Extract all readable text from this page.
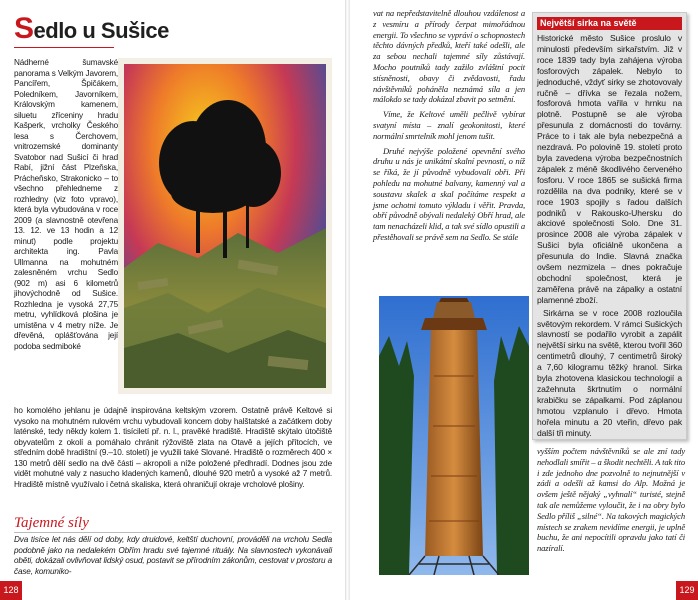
Sedlo u Sušice
Nádherné šumavské panorama s Velkým Javorem, Pancířem, Špičákem, Poledníkem, Javorníkem, Královským kamenem, siluetu zříceniny hradu Kašperk, vrcholky Českého lesa s Čerchovem, vnitrozemské dominanty Svatobor nad Sušicí či hrad Rabí, jižní část Plzeňska, Prácheňsko, Strakonicko – to všechno přehledneme z rozhledny (viz foto vpravo), která byla vybudována v roce 2009 (a slavnostně otevřena 13. 12. ve 13 hodin a 12 minut) podle projektu architekta ing. Pavla Ullmanna na mohutném zalesněném vrchu Sedlo (902 m) asi 6 kilometrů jihovýchodně od Sušice. Rozhledna je vysoká 27,75 metru, vyhlídková plošina je umístěna v 4 metry níže. Je dřevěná, oplášťována její podoba sedmiboké
ho komolého jehlanu je údajně inspirována keltským vzorem. Ostatně právě Keltové si vysoko na mohutném rulovém vrchu vybudovali koncem doby halštatské a začátkem doby laténské, tedy někdy kolem 1. tisíciletí př. n. l., pravěké hradiště. Hradiště skýtalo útočiště obyvatelům z okolí a pomáhalo chránit rýžoviště zlata na Otavě a jejích přítocích, ve středním době hradištní (9.–10. století) je využili také Slované. Hradiště o rozměrech 400 × 130 metrů dělí sedlo na dvě části – akropoli a níže položené předhradí. Dodnes jsou zde vidět mohutné valy z nasucho kladených kamenů, dlouhé 920 metrů a vysoké až 7 metrů. Hradiště místně využívalo i četná skaliska, která ohraničují okraje vrcholové plošiny.
Tajemné síly
Dva tisíce let nás dělí od doby, kdy druidové, keltští duchovní, prováděli na vrcholu Sedla podobně jako na nedalekém Obřím hradu své tajemné rituály. Na slavnostech vykonávali oběti, dokázali ovlivňovat lidský osud, postavit se přírodním zákonům, cestovat v prostoru a čase, komuniko-
128
vat na nepředstavitelně dlouhou vzdálenost a z vesmíru a přírody čerpat mimořádnou energii. To všechno se vypráví o schopnostech těchto dávných předků, kteří také odešli, ale za sebou nechali tajemné síly zůstávají. Mocho poutníků tady zažilo zvláštní pocit stísněnosti, obavy či zvědavosti, řadu návštěvníků poháněla neznámá síla a jen málokdo se tady dokázal zbavit po setmění.
Víme, že Keltové uměli pečlivě vybírat svatyní místa – znalí geokonitosti, které normální smrtelník mohl jenom tušit.
Druhé nejvýše položené opevnění svého druhu u nás je unikátní skalní pevností, o níž se říká, že jí původně vybudovali obři. Při pohledu na mohutné balvany, kamenný val a soustavu skalek a skal počítáme respekt a jsme ochotni tomuto výkladu i věřit. Pravda, obří původně obývali nedaleký Obří hrad, ale tam nenacházeli klid, a tak své sídlo opustili a přestěhovali se právě sem na Sedlo. Se stále
Největší sirka na světě
Historické město Sušice proslulo v minulosti především sirkařstvím. Již v roce 1839 tady byla zahájena výroba fosforových zápalek. Nebylo to jednoduché, vždyť sirky se zhotovovaly ručně – dřívka se řezala nožem, fosforová hmota vařila v hrnku na plotně. Postupně se ale výroba přesunula z domácnosti do továrny. Práce to i tak ale byla nebezpečná a nezdravá. Po polovině 19. století proto byla zavedena výroba bezpečnostních zápalek z méně škodlivého červeného fosforu. V roce 1865 se sušická firma rozdělila na dva podniky, které se v roce 1903 spojily s řadou dalších podniků v Rakousko-Uhersku do akciové společnosti Solo. Dne 31. prosince 2008 ale výroba zápalek v Sušici byla oficiálně ukončena a přesunula do Indie. Slavná značka ovšem nezmizela – dnes pokračuje obchodní společnost, která je zaměřena právě na zápalky a ostatní plamenné zboží.
Sirkárna se v roce 2008 rozloučila světovým rekordem. V rámci Sušických slavností se podařilo vyrobit a zapálit největší sirku na světě, kterou tvořil 360 centimetrů dlouhý, 7 centimetrů široký a 7,60 kilogramu těžký hranol. Sirka byla zhotovena klasickou technologií a zažehnuta škrtnutím o normální krabičku se zápalkami. Pod záplanou hmotou vzplanulo i dřevo. Hmota hořela minutu a 20 vteřin, dřevo pak další tři minuty.
vyšším počtem návštěvníků se ale zní tady nehodlali smířit – a škodit nechtěli. A tak tito i zde jednoho dne pozvolně to nejnutnější v zádi a odešli až kamsi do Alp. Možná je ovšem ještě nějaký „vyhnalí“ turisté, stejně tak ale nemůžeme vyloučit, že i na obry bylo Sedlo příliš „silné“. Na takových magických místech se zrakem nevidíme energii, je uplně buchu, že ani nepocítili opravdu jako tatí či nazíralí.
129
